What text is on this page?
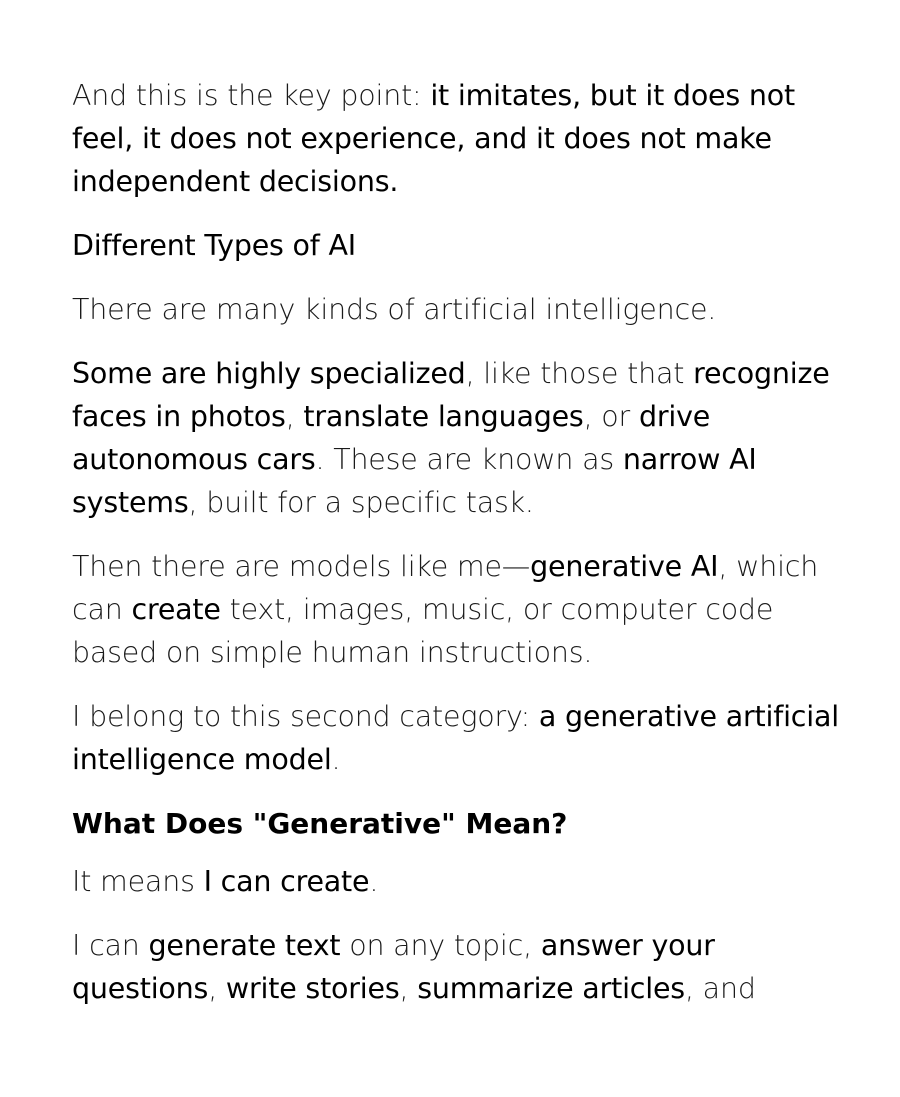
And this is the key point: it imitates, but it does not feel, it does not experience, and it does not make independent decisions.

Different Types of AI

There are many kinds of artificial intelligence.

Some are highly specialized, like those that recognize faces in photos, translate languages, or drive autonomous cars. These are known as narrow AI systems, built for a specific task.

Then there are models like me—generative AI, which can create text, images, music, or computer code based on simple human instructions.

I belong to this second category: a generative artificial intelligence model.

What Does "Generative" Mean?

It means I can create.

I can generate text on any topic, answer your questions, write stories, summarize articles, and
